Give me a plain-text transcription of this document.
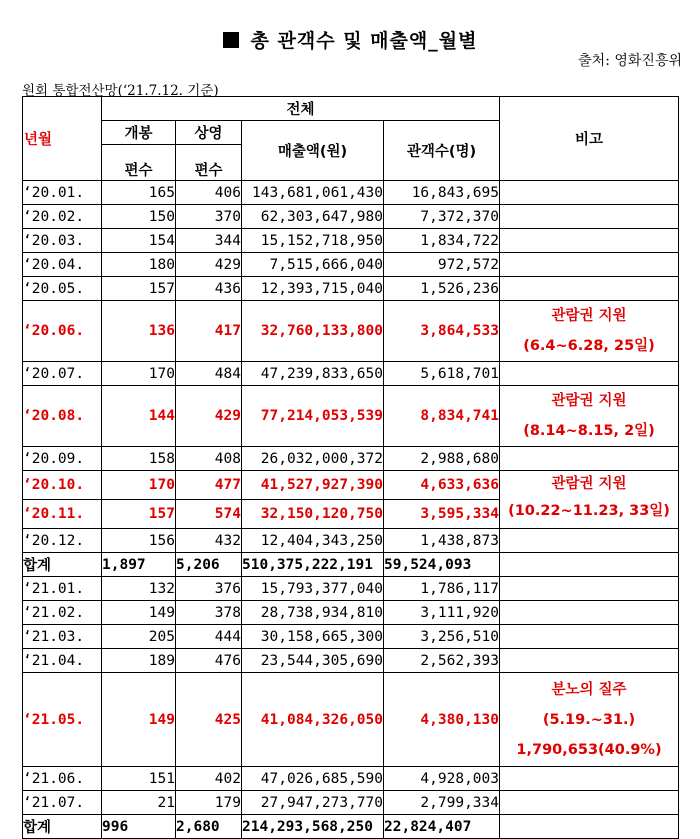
총 관객수 및 매출액_월별
출처: 영화진흥위
원회 통합전산망(‘21.7.12. 기준)
년월	전체				비고
	개봉	상영	매출액(원)	관객수(명)	
	편수	편수			
‘20.01.	165	406	143,681,061,430	16,843,695	
‘20.02.	150	370	62,303,647,980	7,372,370	
‘20.03.	154	344	15,152,718,950	1,834,722	
‘20.04.	180	429	7,515,666,040	972,572	
‘20.05.	157	436	12,393,715,040	1,526,236	
‘20.06.	136	417	32,760,133,800	3,864,533	관람권 지원
(6.4~6.28, 25일)

‘20.07.	170	484	47,239,833,650	5,618,701	
‘20.08.	144	429	77,214,053,539	8,834,741	관람권 지원
(8.14~8.15, 2일)

‘20.09.	158	408	26,032,000,372	2,988,680	
‘20.10.	170	477	41,527,927,390	4,633,636	관람권 지원
(10.22~11.23, 33일)

‘20.11.	157	574	32,150,120,750	3,595,334	
‘20.12.	156	432	12,404,343,250	1,438,873	
합계	1,897	5,206	510,375,222,191	59,524,093	
‘21.01.	132	376	15,793,377,040	1,786,117	
‘21.02.	149	378	28,738,934,810	3,111,920	
‘21.03.	205	444	30,158,665,300	3,256,510	
‘21.04.	189	476	23,544,305,690	2,562,393	
‘21.05.	149	425	41,084,326,050	4,380,130	분노의 질주
(5.19.~31.)
1,790,653(40.9%)

‘21.06.	151	402	47,026,685,590	4,928,003	
‘21.07.	21	179	27,947,273,770	2,799,334	
합계	996	2,680	214,293,568,250	22,824,407	
